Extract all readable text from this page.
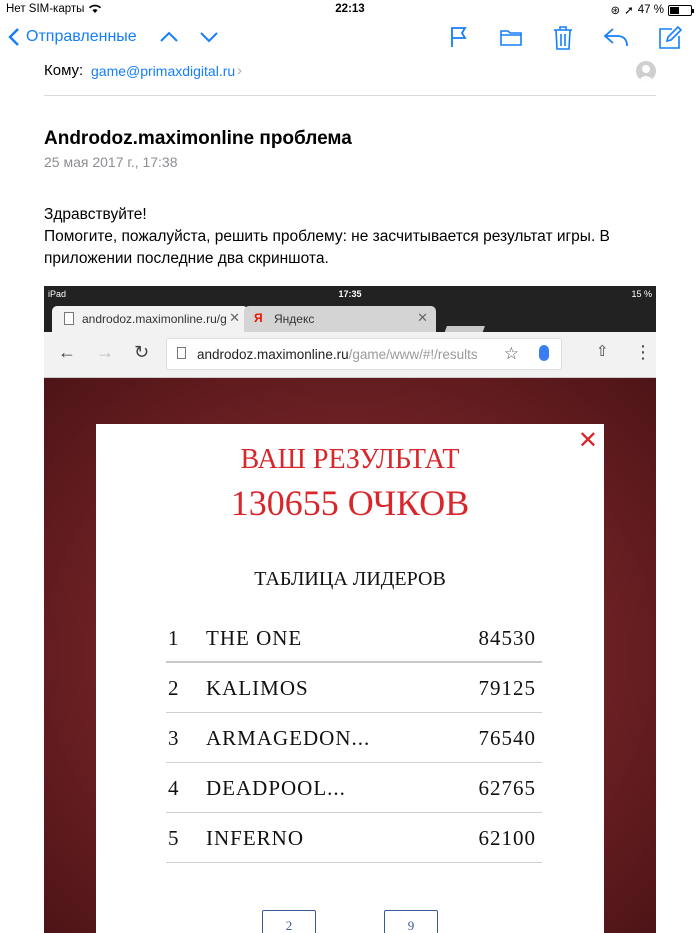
Нет SIM-карты	22:13	⊛ ➚ 47 %
Отправленные
Кому: game@primaxdigital.ru ›
Androdoz.maximonline проблема
25 мая 2017 г., 17:38
Здравствуйте!
Помогите, пожалуйста, решить проблему: не засчитывается результат игры. В приложении последние два скриншота.
iPad	17:35	15 %
androdoz.maximonline.ru/g ✕ Я Яндекс	✕
← → ↻	androdoz.maximonline.ru/game/www/#!/results ☆	⇧ ⋮
✕
ВАШ РЕЗУЛЬТАТ
130655 ОЧКОВ
ТАБЛИЦА ЛИДЕРОВ
1 THE ONE	84530
2 KALIMOS	79125
3 ARMAGEDON...	76540
4 DEADPOOL...	62765
5 INFERNO	62100
2	9
